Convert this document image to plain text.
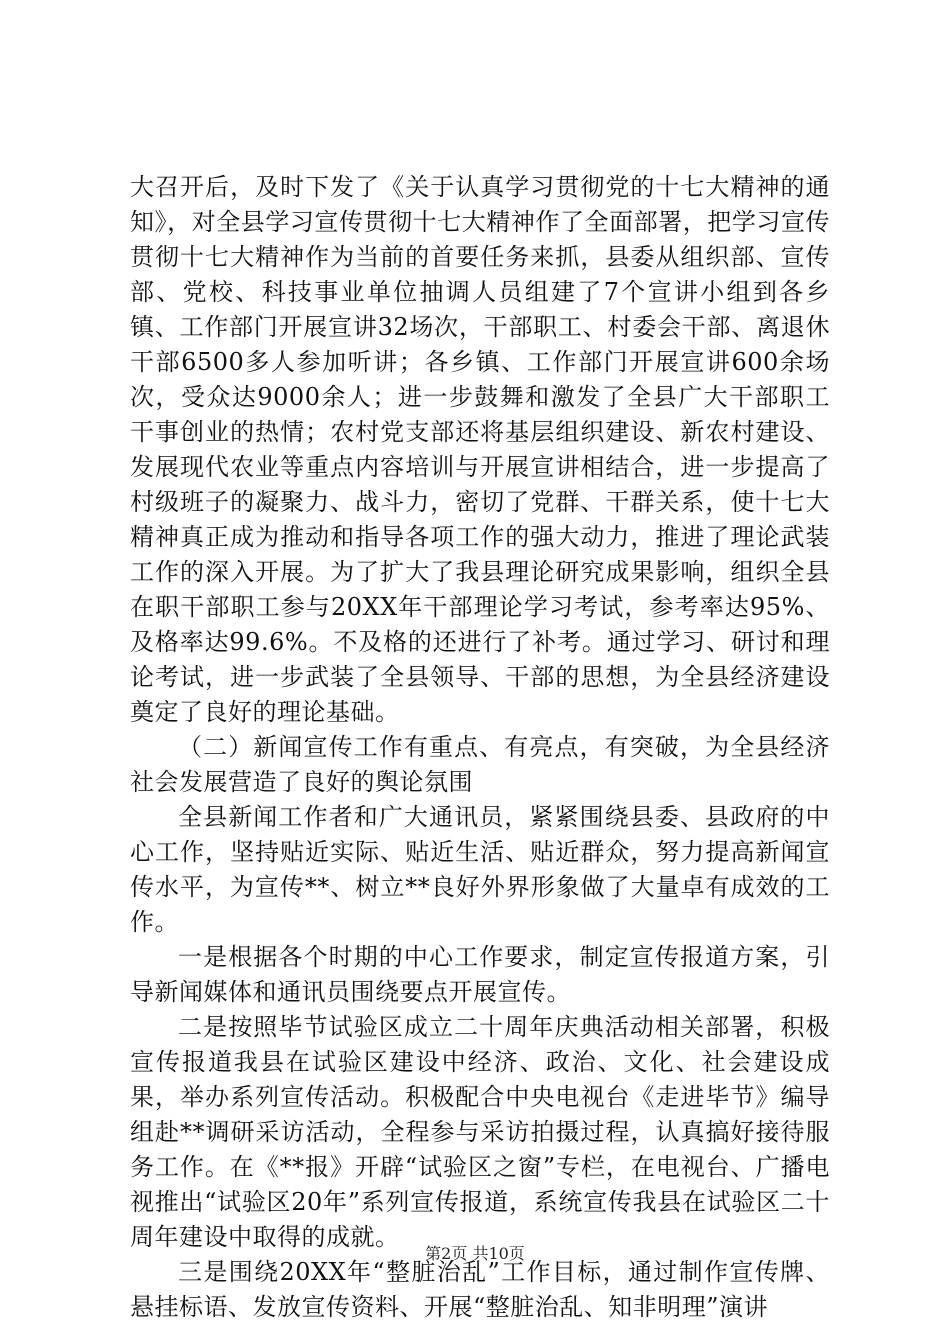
大召开后，及时下发了《关于认真学习贯彻党的十七大精神的通知》，对全县学习宣传贯彻十七大精神作了全面部署，把学习宣传贯彻十七大精神作为当前的首要任务来抓，县委从组织部、宣传部、党校、科技事业单位抽调人员组建了7个宣讲小组到各乡镇、工作部门开展宣讲32场次，干部职工、村委会干部、离退休干部6500多人参加听讲；各乡镇、工作部门开展宣讲600余场次，受众达9000余人；进一步鼓舞和激发了全县广大干部职工干事创业的热情；农村党支部还将基层组织建设、新农村建设、发展现代农业等重点内容培训与开展宣讲相结合，进一步提高了村级班子的凝聚力、战斗力，密切了党群、干群关系，使十七大精神真正成为推动和指导各项工作的强大动力，推进了理论武装工作的深入开展。为了扩大了我县理论研究成果影响，组织全县在职干部职工参与20XX年干部理论学习考试，参考率达95%、及格率达99.6%。不及格的还进行了补考。通过学习、研讨和理论考试，进一步武装了全县领导、干部的思想，为全县经济建设奠定了良好的理论基础。

（二）新闻宣传工作有重点、有亮点，有突破，为全县经济社会发展营造了良好的舆论氛围

全县新闻工作者和广大通讯员，紧紧围绕县委、县政府的中心工作，坚持贴近实际、贴近生活、贴近群众，努力提高新闻宣传水平，为宣传**、树立**良好外界形象做了大量卓有成效的工作。

一是根据各个时期的中心工作要求，制定宣传报道方案，引导新闻媒体和通讯员围绕要点开展宣传。

二是按照毕节试验区成立二十周年庆典活动相关部署，积极宣传报道我县在试验区建设中经济、政治、文化、社会建设成果，举办系列宣传活动。积极配合中央电视台《走进毕节》编导组赴**调研采访活动，全程参与采访拍摄过程，认真搞好接待服务工作。在《**报》开辟“试验区之窗”专栏，在电视台、广播电视推出“试验区20年”系列宣传报道，系统宣传我县在试验区二十周年建设中取得的成就。

三是围绕20XX年“整脏治乱”工作目标，通过制作宣传牌、悬挂标语、发放宣传资料、开展“整脏治乱、知非明理”演讲

第2页 共10页
